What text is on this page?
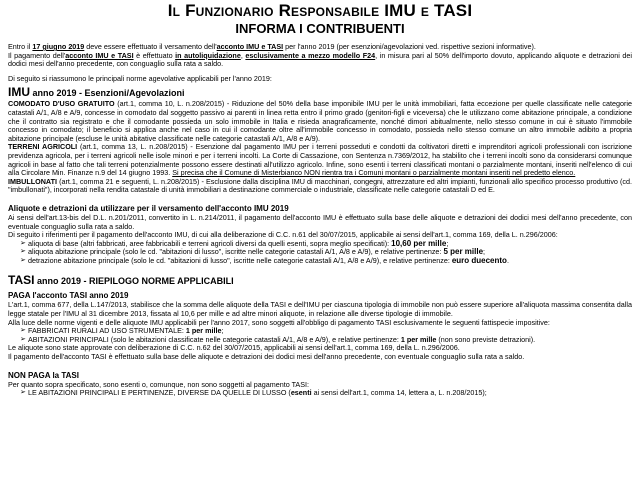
Il Funzionario Responsabile IMU e TASI
INFORMA I CONTRIBUENTI

Entro il 17 giugno 2019 deve essere effettuato il versamento dell'acconto IMU e TASI per l'anno 2019 (per esenzioni/agevolazioni ved. rispettive sezioni informative).

Il pagamento dell'acconto IMU e TASI è effettuato in autoliquidazione, esclusivamente a mezzo modello F24, in misura pari al 50% dell'importo dovuto, applicando aliquote e detrazioni dei dodici mesi dell'anno precedente, con conguaglio sulla rata a saldo.

Di seguito si riassumono le principali norme agevolative applicabili per l'anno 2019:

IMU anno 2019 - Esenzioni/Agevolazioni

COMODATO D'USO GRATUITO (art.1, comma 10, L. n.208/2015) - Riduzione del 50% della base imponibile IMU per le unità immobiliari, fatta eccezione per quelle classificate nelle categorie catastali A/1, A/8 e A/9, concesse in comodato dal soggetto passivo ai parenti in linea retta entro il primo grado (genitori-figli e viceversa) che le utilizzano come abitazione principale, a condizione che il contratto sia registrato e che il comodante possieda un solo immobile in Italia e risieda anagraficamente, nonché dimori abitualmente, nello stesso comune in cui è situato l'immobile concesso in comodato; il beneficio si applica anche nel caso in cui il comodante oltre all'immobile concesso in comodato, possieda nello stesso comune un altro immobile adibito a propria abitazione principale (escluse le unità abitative classificate nelle categorie catastali A/1, A/8 e A/9).

TERRENI AGRICOLI (art.1, comma 13, L. n.208/2015) - Esenzione dal pagamento IMU per i terreni posseduti e condotti da coltivatori diretti e imprenditori agricoli professionali con iscrizione previdenza agricola, per i terreni agricoli nelle isole minori e per i terreni incolti. La Corte di Cassazione, con Sentenza n.7369/2012, ha stabilito che i terreni incolti sono da considerarsi comunque agricoli in base al fatto che tali terreni potenzialmente possono essere destinati all'utilizzo agricolo. Infine, sono esenti i terreni classificati montani o parzialmente montani, inseriti nell'elenco di cui alla Circolare Min. Finanze n.9 del 14 giugno 1993. Si precisa che il Comune di Misterbianco NON rientra tra i Comuni montani o parzialmente montani inseriti nel predetto elenco.

IMBULLONATI (art.1, comma 21 e seguenti, L. n.208/2015) - Esclusione dalla disciplina IMU di macchinari, congegni, attrezzature ed altri impianti, funzionali allo specifico processo produttivo (cd. "imbullonati"), incorporati nella rendita catastale di unità immobiliari a destinazione commerciale o industriale, classificate nelle categorie catastali D ed E.

Aliquote e detrazioni da utilizzare per il versamento dell'acconto IMU 2019

Ai sensi dell'art.13-bis del D.L. n.201/2011, convertito in L. n.214/2011, il pagamento dell'acconto IMU è effettuato sulla base delle aliquote e detrazioni dei dodici mesi dell'anno precedente, con eventuale conguaglio sulla rata a saldo.

Di seguito i riferimenti per il pagamento dell'acconto IMU, di cui alla deliberazione di C.C. n.61 del 30/07/2015, applicabile ai sensi dell'art.1, comma 169, della L. n.296/2006:

➢ aliquota di base (altri fabbricati, aree fabbricabili e terreni agricoli diversi da quelli esenti, sopra meglio specificati): 10,60 per mille;
➢ aliquota abitazione principale (solo le cd. "abitazioni di lusso", iscritte nelle categorie catastali A/1, A/8 e A/9), e relative pertinenze: 5 per mille;
➢ detrazione abitazione principale (solo le cd. "abitazioni di lusso", iscritte nelle categorie catastali A/1, A/8 e A/9), e relative pertinenze: euro duecento.
TASI anno 2019 - RIEPILOGO NORME APPLICABILI
PAGA l'acconto TASI anno 2019

L'art.1, comma 677, della L.147/2013, stabilisce che la somma delle aliquote della TASI e dell'IMU per ciascuna tipologia di immobile non può essere superiore all'aliquota massima consentita dalla legge statale per l'IMU al 31 dicembre 2013, fissata al 10,6 per mille e ad altre minori aliquote, in relazione alle diverse tipologie di immobile.

Alla luce delle norme vigenti e delle aliquote IMU applicabili per l'anno 2017, sono soggetti all'obbligo di pagamento TASI esclusivamente le seguenti fattispecie impositive:

➢ FABBRICATI RURALI AD USO STRUMENTALE: 1 per mille;
➢ ABITAZIONI PRINCIPALI (solo le abitazioni classificate nelle categorie catastali A/1, A/8 e A/9), e relative pertinenze: 1 per mille (non sono previste detrazioni).

Le aliquote sono state approvate con deliberazione di C.C. n.62 del 30/07/2015, applicabili ai sensi dell'art.1, comma 169, della L. n.296/2006.

Il pagamento dell'acconto TASI è effettuato sulla base delle aliquote e detrazioni dei dodici mesi dell'anno precedente, con eventuale conguaglio sulla rata a saldo.

NON PAGA la TASI

Per quanto sopra specificato, sono esenti o, comunque, non sono soggetti al pagamento TASI:

➢ LE ABITAZIONI PRINCIPALI E PERTINENZE, DIVERSE DA QUELLE DI LUSSO (esenti ai sensi dell'art.1, comma 14, lettera a, L. n.208/2015);
